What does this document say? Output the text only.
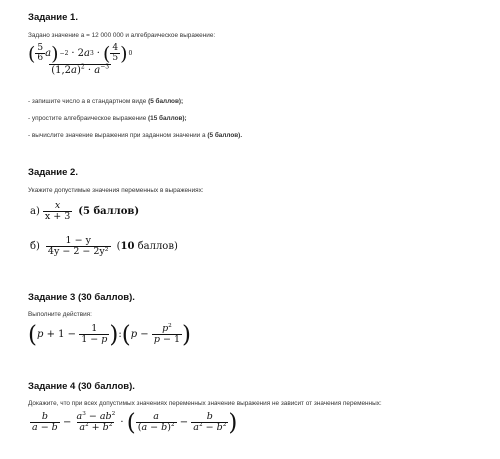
Задание 1.
Задано значение a = 12 000 000 и алгебраическое выражение:
( $\frac{5}{6}$ a ) −2 · 2 a 3 · ( $\frac{4}{5}$ ) 0
$(1,2a)^2 \cdot a^{-3}$
- запишите число a в стандартном виде (5 баллов);
- упростите алгебраическое выражение (15 баллов);
- вычислите значение выражения при заданном значении a (5 баллов).
Задание 2.
Укажите допустимые значения переменных в выражениях:
$а) \frac{x}{x + 3} (5$ баллов)
$б) \frac{1 - y}{\text{4y − 2 − 2y²}} (10$ баллов)
Задание 3 (30 баллов).
Выполните действия:
( $p + 1 - \frac{1}{1 - p}$ ) : ( $p - \frac{p^2}{p - 1}$ )
Задание 4 (30 баллов).
Докажите, что при всех допустимых значениях переменных значение выражения не зависит от значения переменных:
$\frac{b}{a - b} - \frac{a^3 - ab^2}{a^2 + b^2}$ · ( $\frac{a}{(a - b)^2} - \frac{b}{a^2 - b^2}$ )
